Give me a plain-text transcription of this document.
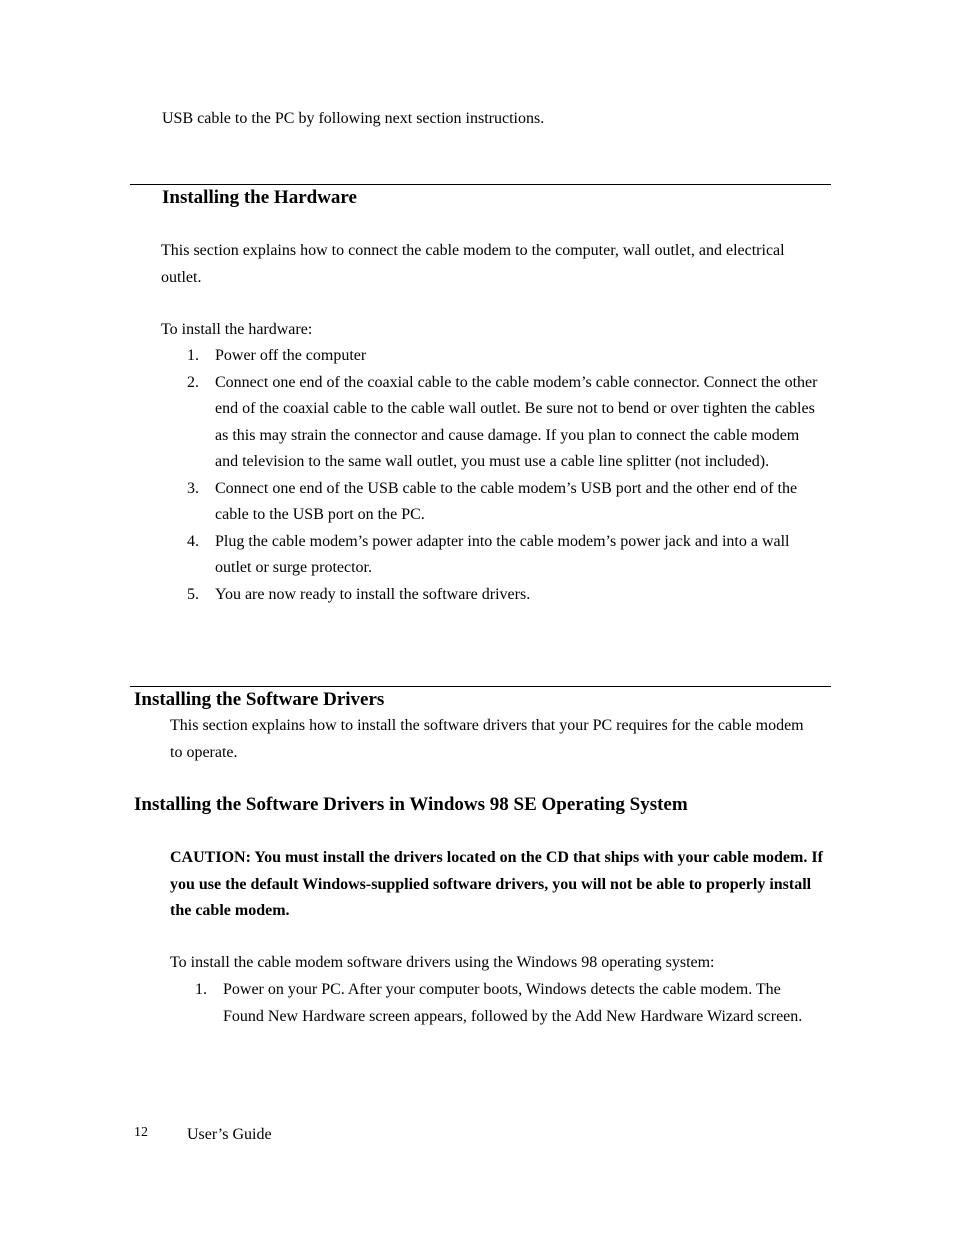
USB cable to the PC by following next section instructions.

Installing the Hardware

This section explains how to connect the cable modem to the computer, wall outlet, and electrical outlet.

To install the hardware:

1. Power off the computer
2. Connect one end of the coaxial cable to the cable modem’s cable connector. Connect the other end of the coaxial cable to the cable wall outlet. Be sure not to bend or over tighten the cables as this may strain the connector and cause damage. If you plan to connect the cable modem and television to the same wall outlet, you must use a cable line splitter (not included).
3. Connect one end of the USB cable to the cable modem’s USB port and the other end of the cable to the USB port on the PC.
4. Plug the cable modem’s power adapter into the cable modem’s power jack and into a wall outlet or surge protector.
5. You are now ready to install the software drivers.
Installing the Software Drivers

This section explains how to install the software drivers that your PC requires for the cable modem to operate.

Installing the Software Drivers in Windows 98 SE Operating System

CAUTION: You must install the drivers located on the CD that ships with your cable modem. If you use the default Windows-supplied software drivers, you will not be able to properly install the cable modem.

To install the cable modem software drivers using the Windows 98 operating system:

1. Power on your PC. After your computer boots, Windows detects the cable modem. The Found New Hardware screen appears, followed by the Add New Hardware Wizard screen.
12 User’s Guide
